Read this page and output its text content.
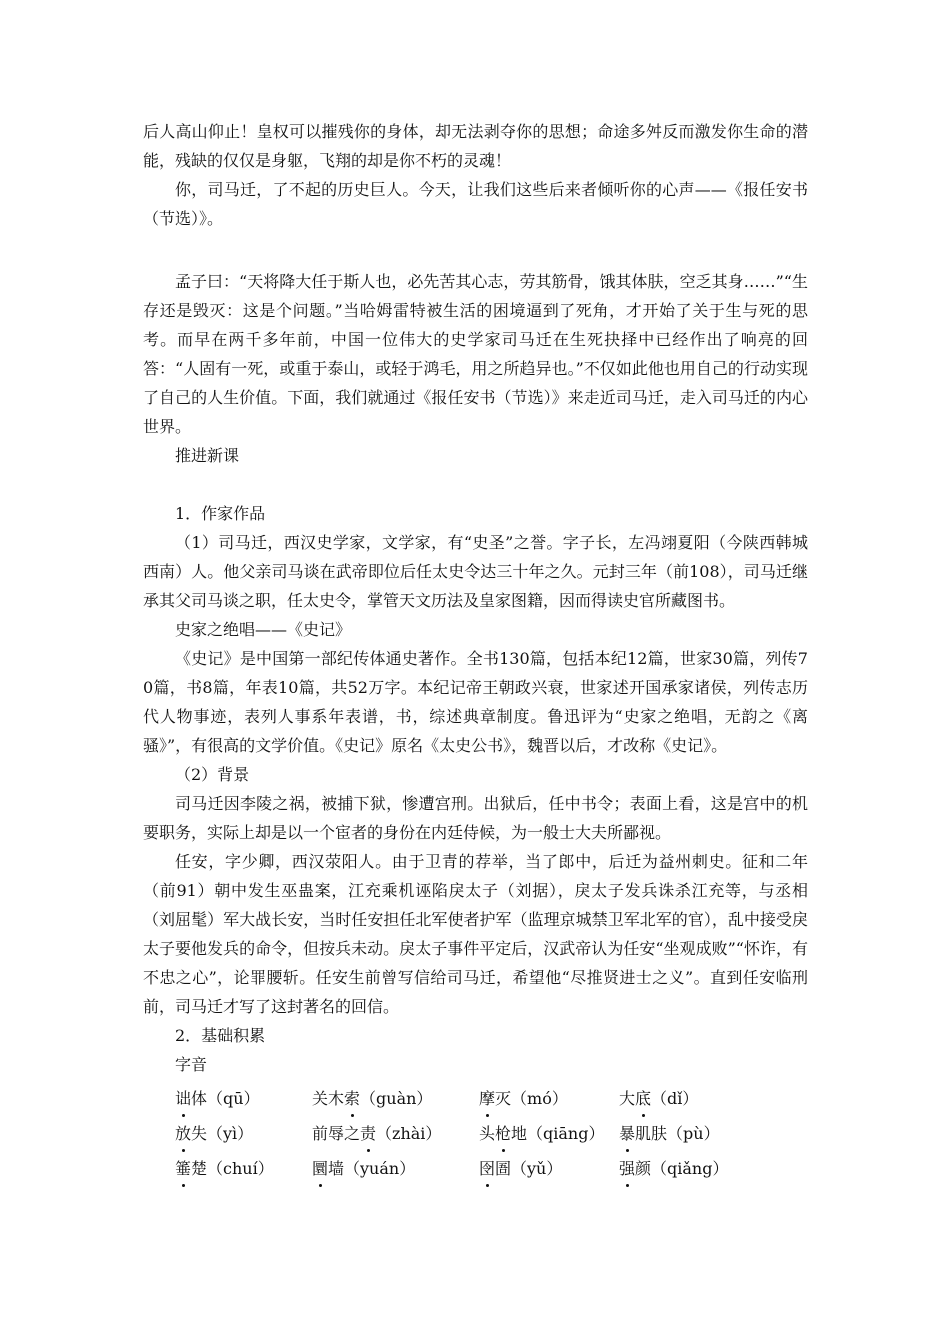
后人高山仰止！皇权可以摧残你的身体，却无法剥夺你的思想；命途多舛反而激发你生命的潜能，残缺的仅仅是身躯，飞翔的却是你不朽的灵魂！

你，司马迁，了不起的历史巨人。今天，让我们这些后来者倾听你的心声——《报任安书（节选）》。

孟子曰：“天将降大任于斯人也，必先苦其心志，劳其筋骨，饿其体肤，空乏其身……”“生存还是毁灭：这是个问题。”当哈姆雷特被生活的困境逼到了死角，才开始了关于生与死的思考。而早在两千多年前，中国一位伟大的史学家司马迁在生死抉择中已经作出了响亮的回答：“人固有一死，或重于泰山，或轻于鸿毛，用之所趋异也。”不仅如此他也用自己的行动实现了自己的人生价值。下面，我们就通过《报任安书（节选）》来走近司马迁，走入司马迁的内心世界。

推进新课

1．作家作品

（1）司马迁，西汉史学家，文学家，有“史圣”之誉。字子长，左冯翊夏阳（今陕西韩城西南）人。他父亲司马谈在武帝即位后任太史令达三十年之久。元封三年（前108），司马迁继承其父司马谈之职，任太史令，掌管天文历法及皇家图籍，因而得读史官所藏图书。

史家之绝唱——《史记》

《史记》是中国第一部纪传体通史著作。全书130篇，包括本纪12篇，世家30篇，列传70篇，书8篇，年表10篇，共52万字。本纪记帝王朝政兴衰，世家述开国承家诸侯，列传志历代人物事迹，表列人事系年表谱，书，综述典章制度。鲁迅评为“史家之绝唱，无韵之《离骚》”，有很高的文学价值。《史记》原名《太史公书》，魏晋以后，才改称《史记》。

（2）背景

司马迁因李陵之祸，被捕下狱，惨遭宫刑。出狱后，任中书令；表面上看，这是宫中的机要职务，实际上却是以一个宦者的身份在内廷侍候，为一般士大夫所鄙视。

任安，字少卿，西汉荥阳人。由于卫青的荐举，当了郎中，后迁为益州刺史。征和二年（前91）朝中发生巫蛊案，江充乘机诬陷戾太子（刘据），戾太子发兵诛杀江充等，与丞相（刘屈髦）军大战长安，当时任安担任北军使者护军（监理京城禁卫军北军的官），乱中接受戾太子要他发兵的命令，但按兵未动。戾太子事件平定后，汉武帝认为任安“坐观成败”“怀诈，有不忠之心”，论罪腰斩。任安生前曾写信给司马迁，希望他“尽推贤进士之义”。直到任安临刑前，司马迁才写了这封著名的回信。

2．基础积累

字音

诎体（qū）	关木索（guàn）	摩灭（mó）	大底（dǐ）
放失（yì）	前辱之责（zhài）	头枪地（qiāng） 暴肌肤（pù）
箠楚（chuí）	圜墙（yuán）	囹圄（yǔ）	强颜（qiǎng）
